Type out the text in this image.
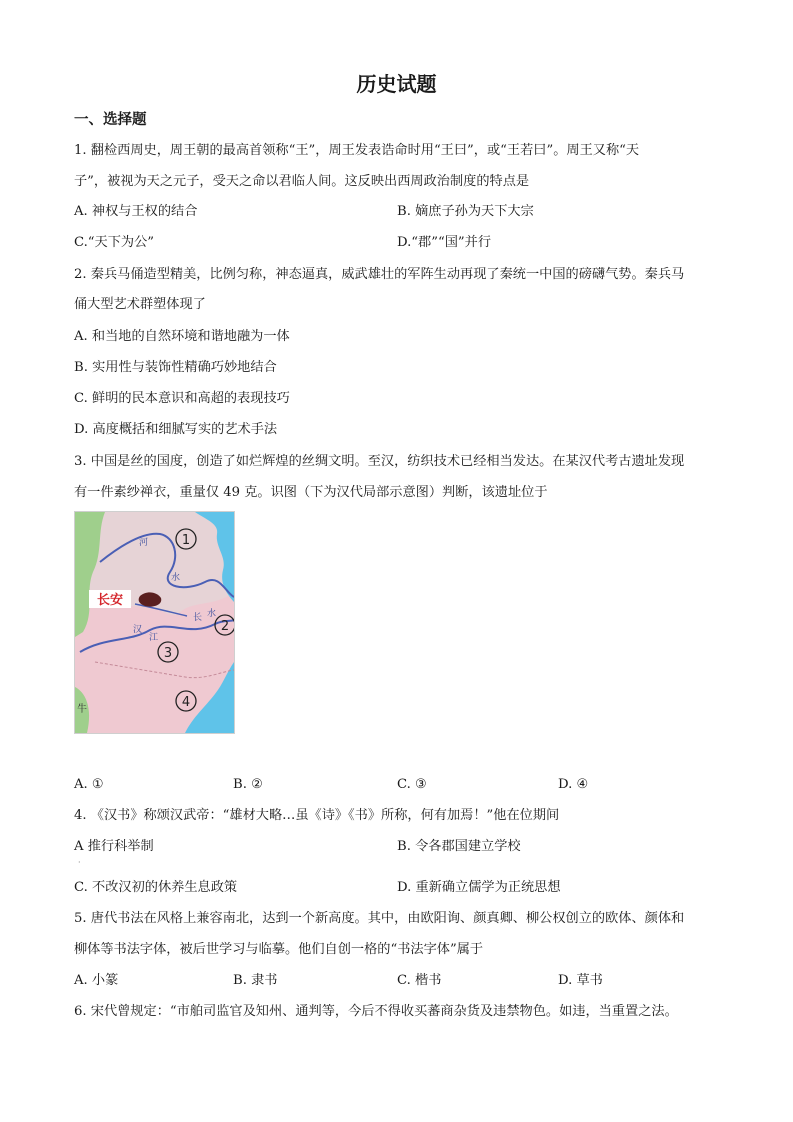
历史试题
一、选择题
1. 翻检西周史，周王朝的最高首领称“王”，周王发表诰命时用“王曰”，或“王若曰”。周王又称“天
子”，被视为天之元子，受天之命以君临人间。这反映出西周政治制度的特点是
A. 神权与王权的结合	B. 嫡庶子孙为天下大宗
C.“天下为公”	D.“郡”“国”并行
2. 秦兵马俑造型精美，比例匀称，神态逼真，威武雄壮的军阵生动再现了秦统一中国的磅礴气势。秦兵马
俑大型艺术群塑体现了
A. 和当地的自然环境和谐地融为一体
B. 实用性与装饰性精确巧妙地结合
C. 鲜明的民本意识和高超的表现技巧
D. 高度概括和细腻写实的艺术手法
3. 中国是丝的国度，创造了如烂辉煌的丝绸文明。至汉，纺织技术已经相当发达。在某汉代考古遗址发现
有一件素纱禅衣，重量仅 49 克。识图（下为汉代局部示意图）判断，该遗址位于
长安
1
2
3
4
河
水
汉
江
长 水
牛
A. ①	B. ②	C. ③	D. ④
4. 《汉书》称颂汉武帝：“雄材大略…虽《诗》《书》所称，何有加焉！”他在位期间
A 推行科举制	B. 令各郡国建立学校
·
C. 不改汉初的休养生息政策	D. 重新确立儒学为正统思想
5. 唐代书法在风格上兼容南北，达到一个新高度。其中，由欧阳询、颜真卿、柳公权创立的欧体、颜体和
柳体等书法字体，被后世学习与临摹。他们自创一格的“书法字体”属于
A. 小篆	B. 隶书	C. 楷书	D. 草书
6. 宋代曾规定：“市舶司监官及知州、通判等，今后不得收买蕃商杂货及违禁物色。如违，当重置之法。
